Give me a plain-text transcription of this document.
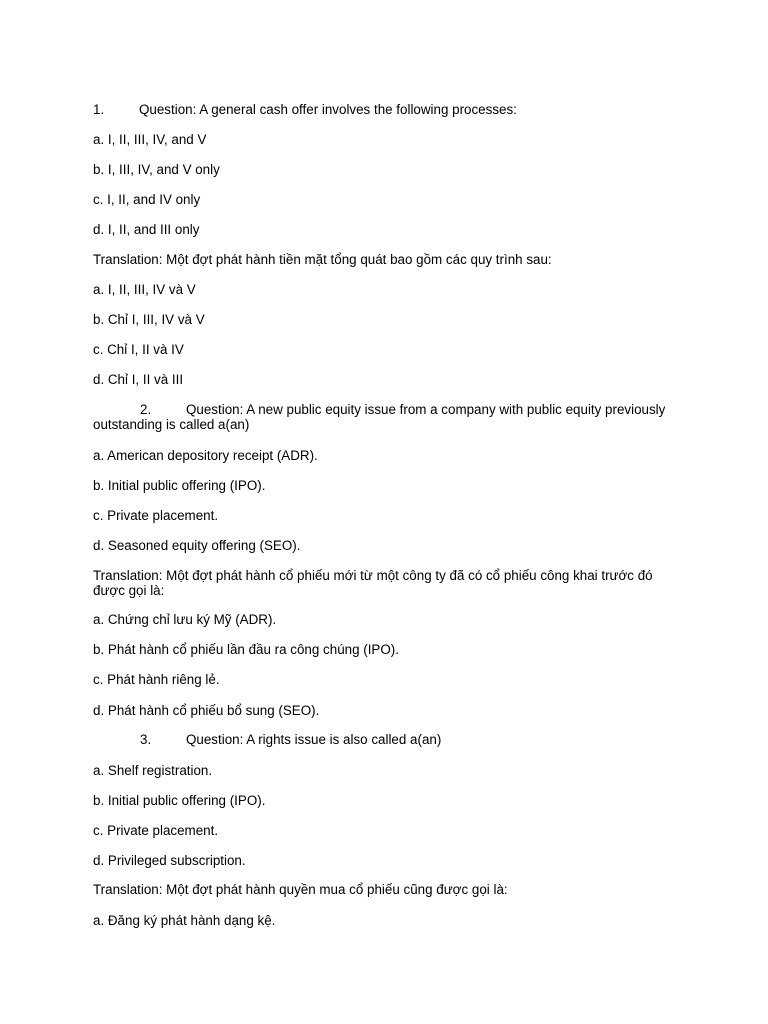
1.	Question: A general cash offer involves the following processes:
a. I, II, III, IV, and V
b. I, III, IV, and V only
c. I, II, and IV only
d. I, II, and III only
Translation: Một đợt phát hành tiền mặt tổng quát bao gồm các quy trình sau:
a. I, II, III, IV và V
b. Chỉ I, III, IV và V
c. Chỉ I, II và IV
d. Chỉ I, II và III
2.	Question: A new public equity issue from a company with public equity previously outstanding is called a(an)
a. American depository receipt (ADR).
b. Initial public offering (IPO).
c. Private placement.
d. Seasoned equity offering (SEO).
Translation: Một đợt phát hành cổ phiếu mới từ một công ty đã có cổ phiếu công khai trước đó được gọi là:
a. Chứng chỉ lưu ký Mỹ (ADR).
b. Phát hành cổ phiếu lần đầu ra công chúng (IPO).
c. Phát hành riêng lẻ.
d. Phát hành cổ phiếu bổ sung (SEO).
3.	Question: A rights issue is also called a(an)
a. Shelf registration.
b. Initial public offering (IPO).
c. Private placement.
d. Privileged subscription.
Translation: Một đợt phát hành quyền mua cổ phiếu cũng được gọi là:
a. Đăng ký phát hành dạng kệ.
